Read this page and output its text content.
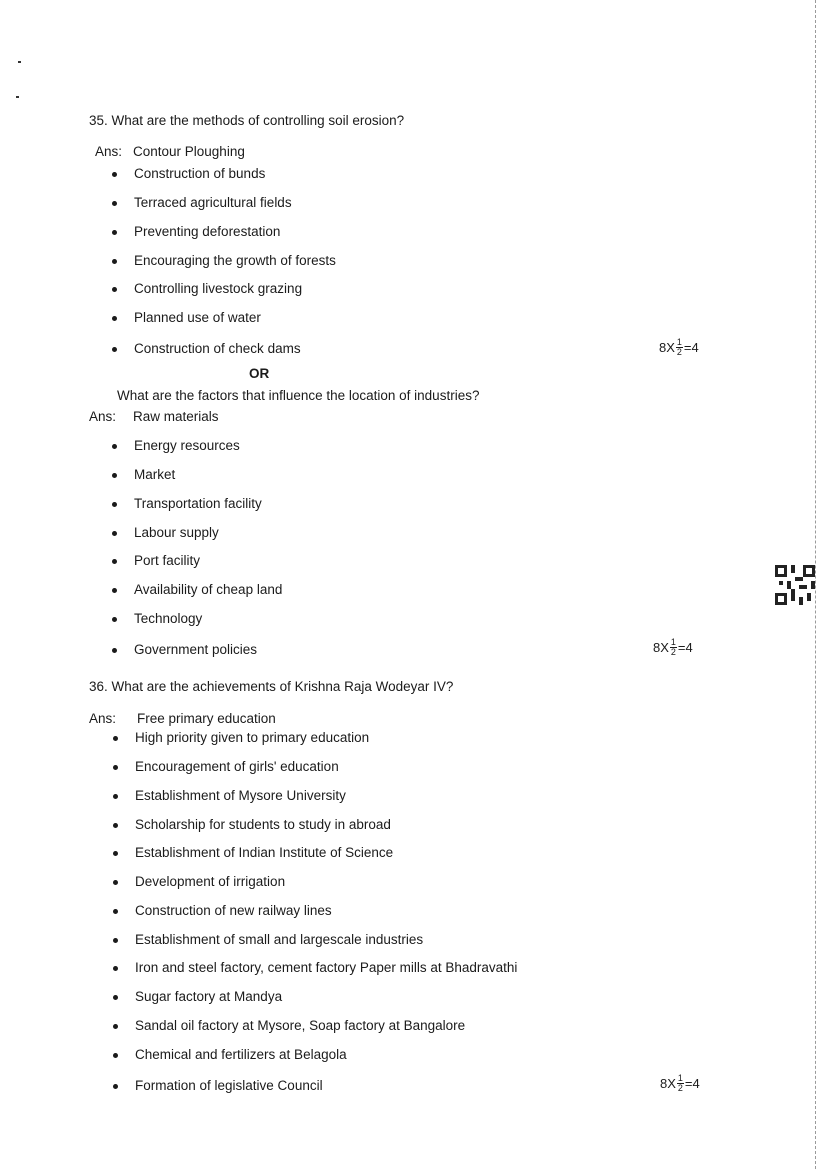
35. What are the methods of controlling soil erosion?
Ans: Contour Ploughing
Construction of bunds
Terraced agricultural fields
Preventing deforestation
Encouraging the growth of forests
Controlling livestock grazing
Planned use of water
Construction of check dams	$8X \frac{1}{2} =4$
OR
What are the factors that influence the location of industries?
Ans: Raw materials
Energy resources
Market
Transportation facility
Labour supply
Port facility
Availability of cheap land
Technology
Government policies	$8X \frac{1}{2} =4$
36. What are the achievements of Krishna Raja Wodeyar IV?
Ans: Free primary education
High priority given to primary education
Encouragement of girls' education
Establishment of Mysore University
Scholarship for students to study in abroad
Establishment of Indian Institute of Science
Development of irrigation
Construction of new railway lines
Establishment of small and largescale industries
Iron and steel factory, cement factory Paper mills at Bhadravathi
Sugar factory at Mandya
Sandal oil factory at Mysore, Soap factory at Bangalore
Chemical and fertilizers at Belagola
Formation of legislative Council	$8X \frac{1}{2} =4$
